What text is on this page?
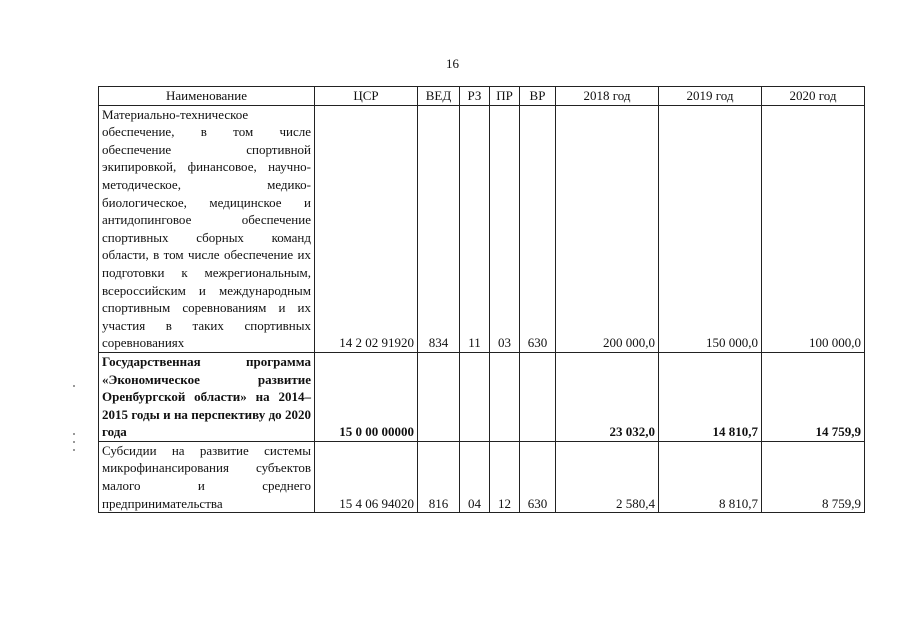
16
Наименование	ЦСР	ВЕД	РЗ	ПР	ВР	2018 год	2019 год	2020 год
Материально-техническое обеспечение, в том числе обеспечение спортивной экипировкой, финансовое, научно-методическое, медико-биологическое, медицинское и антидопинговое обеспечение спортивных сборных команд области, в том числе обеспечение их подготовки к межрегиональным, всероссийским и международным спортивным соревнованиям и их участия в таких спортивных соревнованиях	14 2 02 91920	834	11	03	630	200 000,0	150 000,0	100 000,0
Государственная программа «Экономическое развитие Оренбургской области» на 2014–2015 годы и на перспективу до 2020 года	15 0 00 00000					23 032,0	14 810,7	14 759,9
Субсидии на развитие системы микрофинансирования субъектов малого и среднего предпринимательства	15 4 06 94020	816	04	12	630	2 580,4	8 810,7	8 759,9
